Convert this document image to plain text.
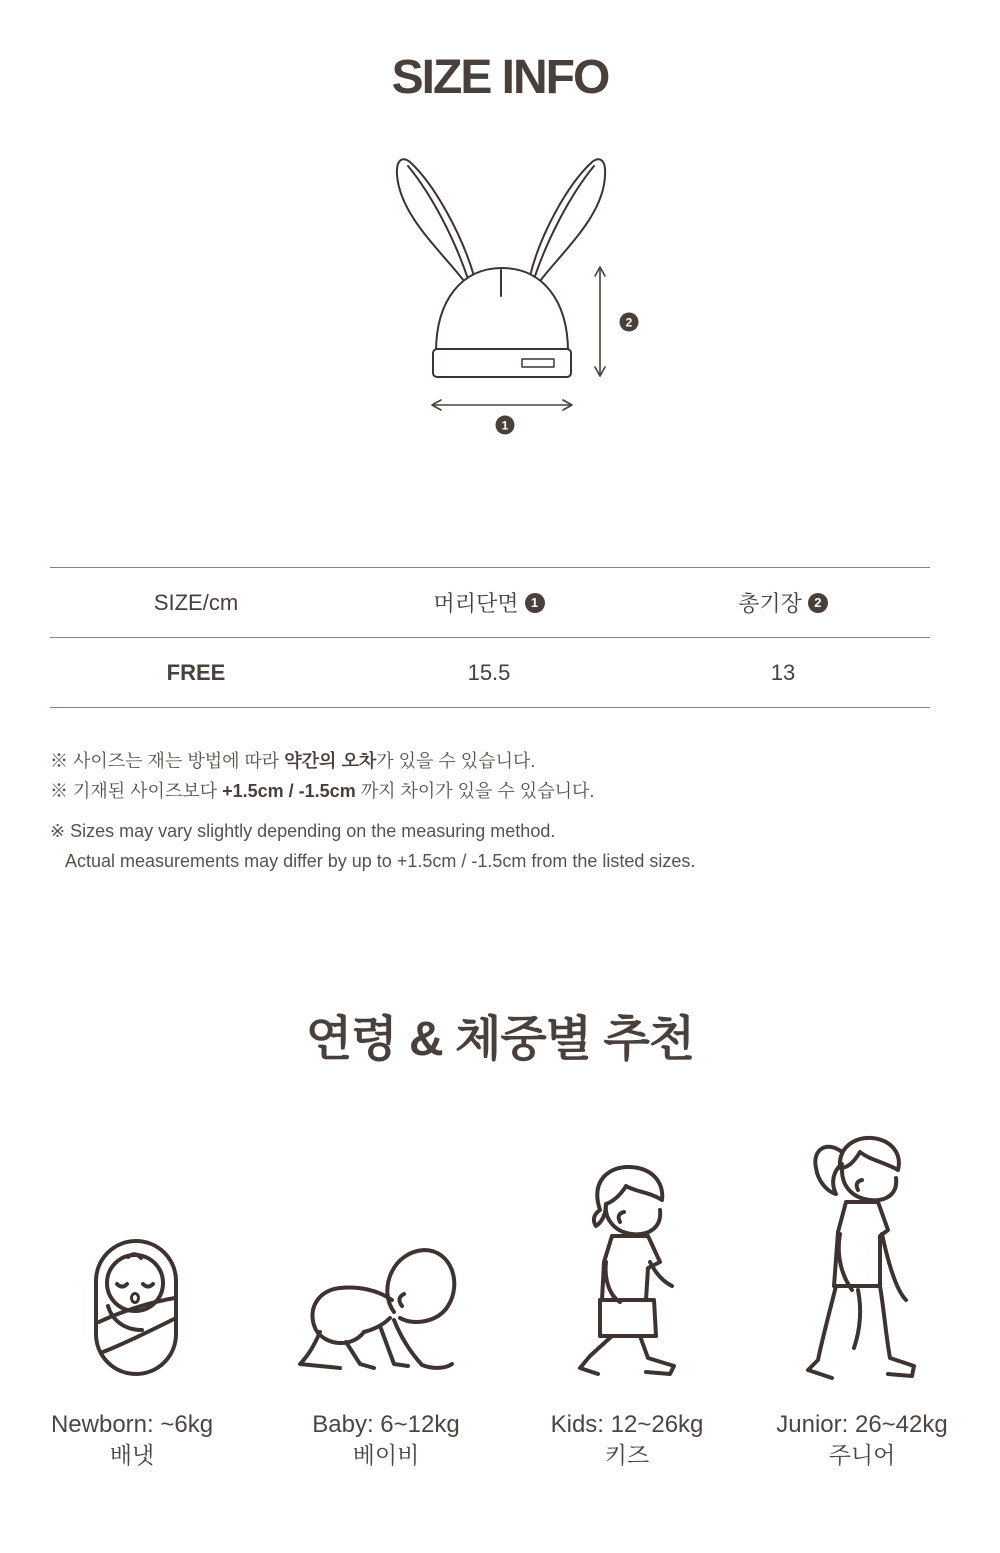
SIZE INFO
1
2
SIZE/cm	머리단면 1	총기장 2
FREE	15.5	13
※ 사이즈는 재는 방법에 따라 약간의 오차가 있을 수 있습니다.
※ 기재된 사이즈보다 +1.5cm / -1.5cm 까지 차이가 있을 수 있습니다.
※ Sizes may vary slightly depending on the measuring method.
Actual measurements may differ by up to +1.5cm / -1.5cm from the listed sizes.
연령 & 체중별 추천
Newborn: ~6kg
배냇
Baby: 6~12kg
베이비
Kids: 12~26kg
키즈
Junior: 26~42kg
주니어
